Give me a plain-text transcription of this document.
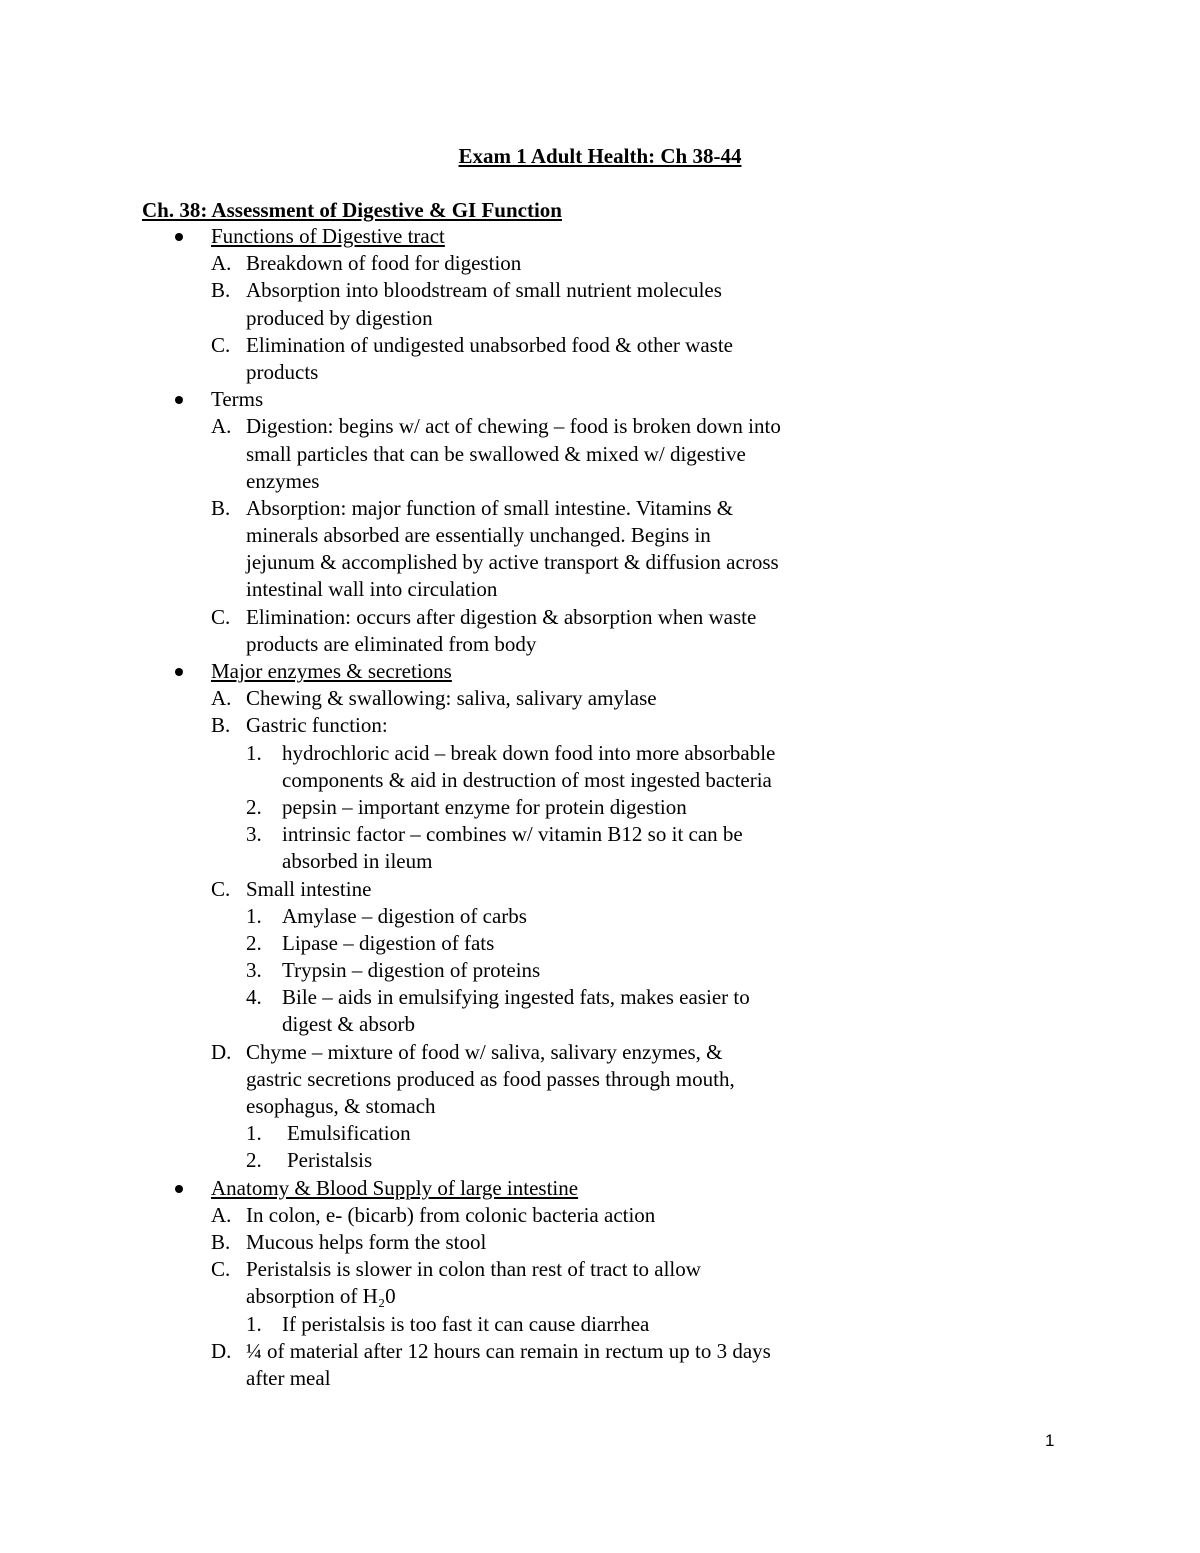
Exam 1 Adult Health: Ch 38-44
Ch. 38: Assessment of Digestive & GI Function
Functions of Digestive tract
A. Breakdown of food for digestion
B. Absorption into bloodstream of small nutrient molecules
produced by digestion
C. Elimination of undigested unabsorbed food & other waste
products
Terms
A. Digestion: begins w/ act of chewing – food is broken down into
small particles that can be swallowed & mixed w/ digestive
enzymes
B. Absorption: major function of small intestine. Vitamins &
minerals absorbed are essentially unchanged. Begins in
jejunum & accomplished by active transport & diffusion across
intestinal wall into circulation
C. Elimination: occurs after digestion & absorption when waste
products are eliminated from body
Major enzymes & secretions
A. Chewing & swallowing: saliva, salivary amylase
B. Gastric function:
1. hydrochloric acid – break down food into more absorbable
components & aid in destruction of most ingested bacteria
2. pepsin – important enzyme for protein digestion
3. intrinsic factor – combines w/ vitamin B12 so it can be
absorbed in ileum
C. Small intestine
1. Amylase – digestion of carbs
2. Lipase – digestion of fats
3. Trypsin – digestion of proteins
4. Bile – aids in emulsifying ingested fats, makes easier to
digest & absorb
D. Chyme – mixture of food w/ saliva, salivary enzymes, &
gastric secretions produced as food passes through mouth,
esophagus, & stomach
1. Emulsification
2. Peristalsis
Anatomy & Blood Supply of large intestine
A. In colon, e- (bicarb) from colonic bacteria action
B. Mucous helps form the stool
C. Peristalsis is slower in colon than rest of tract to allow
absorption of H₂0
1. If peristalsis is too fast it can cause diarrhea
D. ¼ of material after 12 hours can remain in rectum up to 3 days
after meal
1
